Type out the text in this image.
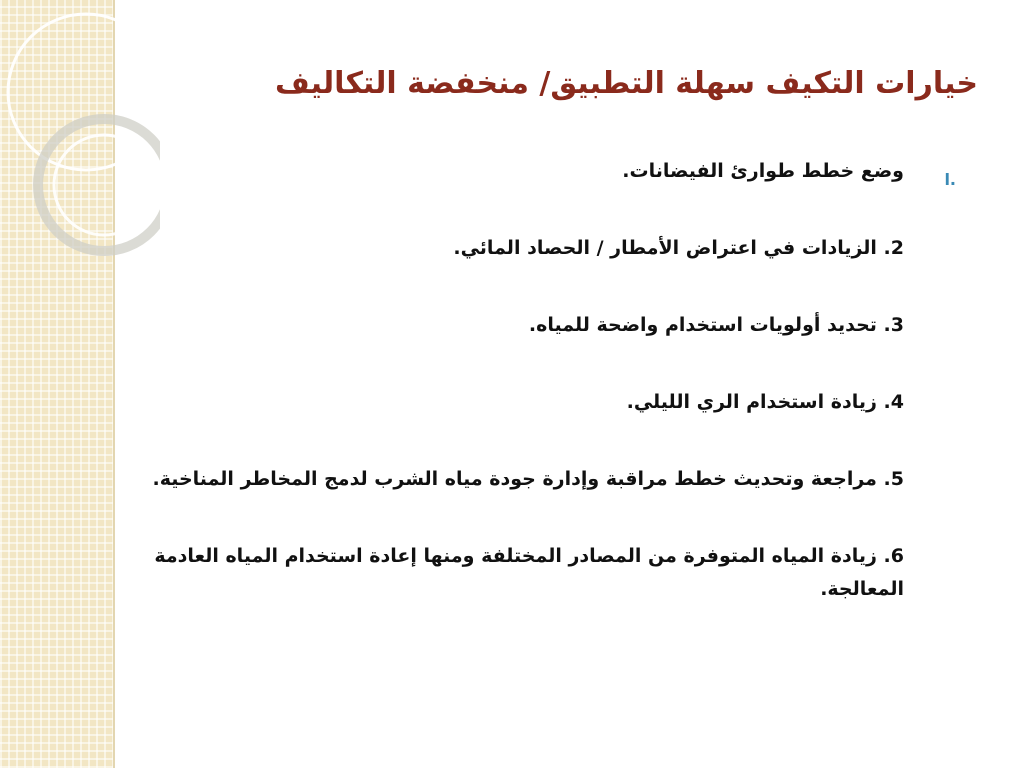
خيارات التكيف سهلة التطبيق/ منخفضة التكاليف
ا.

وضع خطط طوارئ الفيضانات.

2. الزيادات في اعتراض الأمطار / الحصاد المائي.

3. تحديد أولويات استخدام واضحة للمياه.

4. زيادة استخدام الري الليلي.

5. مراجعة وتحديث خطط مراقبة وإدارة جودة مياه الشرب لدمج المخاطر المناخية.

6. زيادة المياه المتوفرة من المصادر المختلفة ومنها إعادة استخدام المياه العادمة المعالجة.
